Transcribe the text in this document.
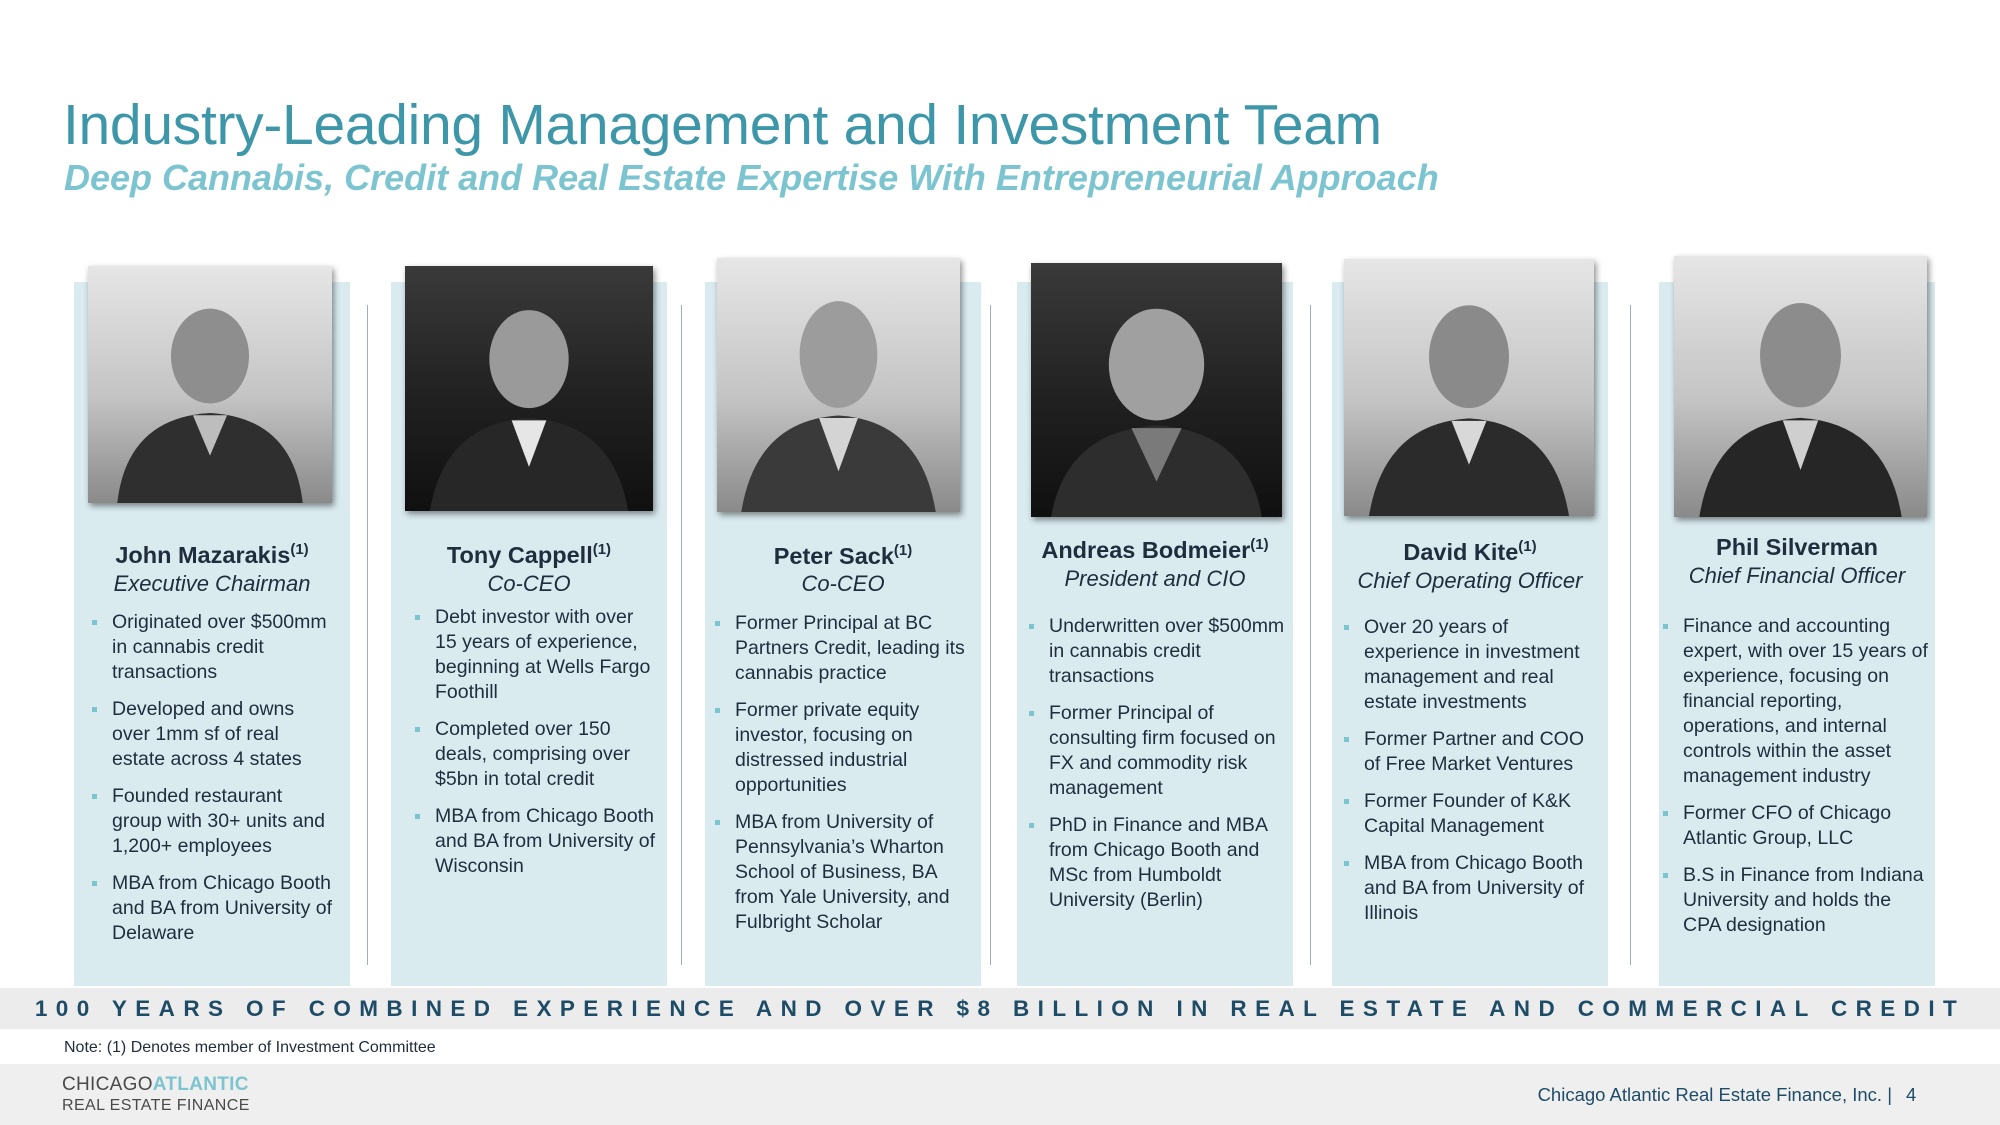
Industry-Leading Management and Investment Team
Deep Cannabis, Credit and Real Estate Expertise With Entrepreneurial Approach
John Mazarakis$^{(1)}$
Executive Chairman
Originated over $500mm in cannabis credit transactions
Developed and owns over 1mm sf of real estate across 4 states
Founded restaurant group with 30+ units and 1,200+ employees
MBA from Chicago Booth and BA from University of Delaware
Tony Cappell$^{(1)}$
Co-CEO
Debt investor with over 15 years of experience, beginning at Wells Fargo Foothill
Completed over 150 deals, comprising over $5bn in total credit
MBA from Chicago Booth and BA from University of Wisconsin
Peter Sack$^{(1)}$
Co-CEO
Former Principal at BC Partners Credit, leading its cannabis practice
Former private equity investor, focusing on distressed industrial opportunities
MBA from University of Pennsylvania’s Wharton School of Business, BA from Yale University, and Fulbright Scholar
Andreas Bodmeier$^{(1)}$
President and CIO
Underwritten over $500mm in cannabis credit transactions
Former Principal of consulting firm focused on FX and commodity risk management
PhD in Finance and MBA from Chicago Booth and MSc from Humboldt University (Berlin)
David Kite$^{(1)}$
Chief Operating Officer
Over 20 years of experience in investment management and real estate investments
Former Partner and COO of Free Market Ventures
Former Founder of K&K Capital Management
MBA from Chicago Booth and BA from University of Illinois
Phil Silverman
Chief Financial Officer
Finance and accounting expert, with over 15 years of experience, focusing on financial reporting, operations, and internal controls within the asset management industry
Former CFO of Chicago Atlantic Group, LLC
B.S in Finance from Indiana University and holds the CPA designation
100 YEARS OF COMBINED EXPERIENCE AND OVER $8 BILLION IN REAL ESTATE AND COMMERCIAL CREDIT
Note: (1) Denotes member of Investment Committee
CHICAGOATLANTIC
REAL ESTATE FINANCE
Chicago Atlantic Real Estate Finance, Inc. | 4
